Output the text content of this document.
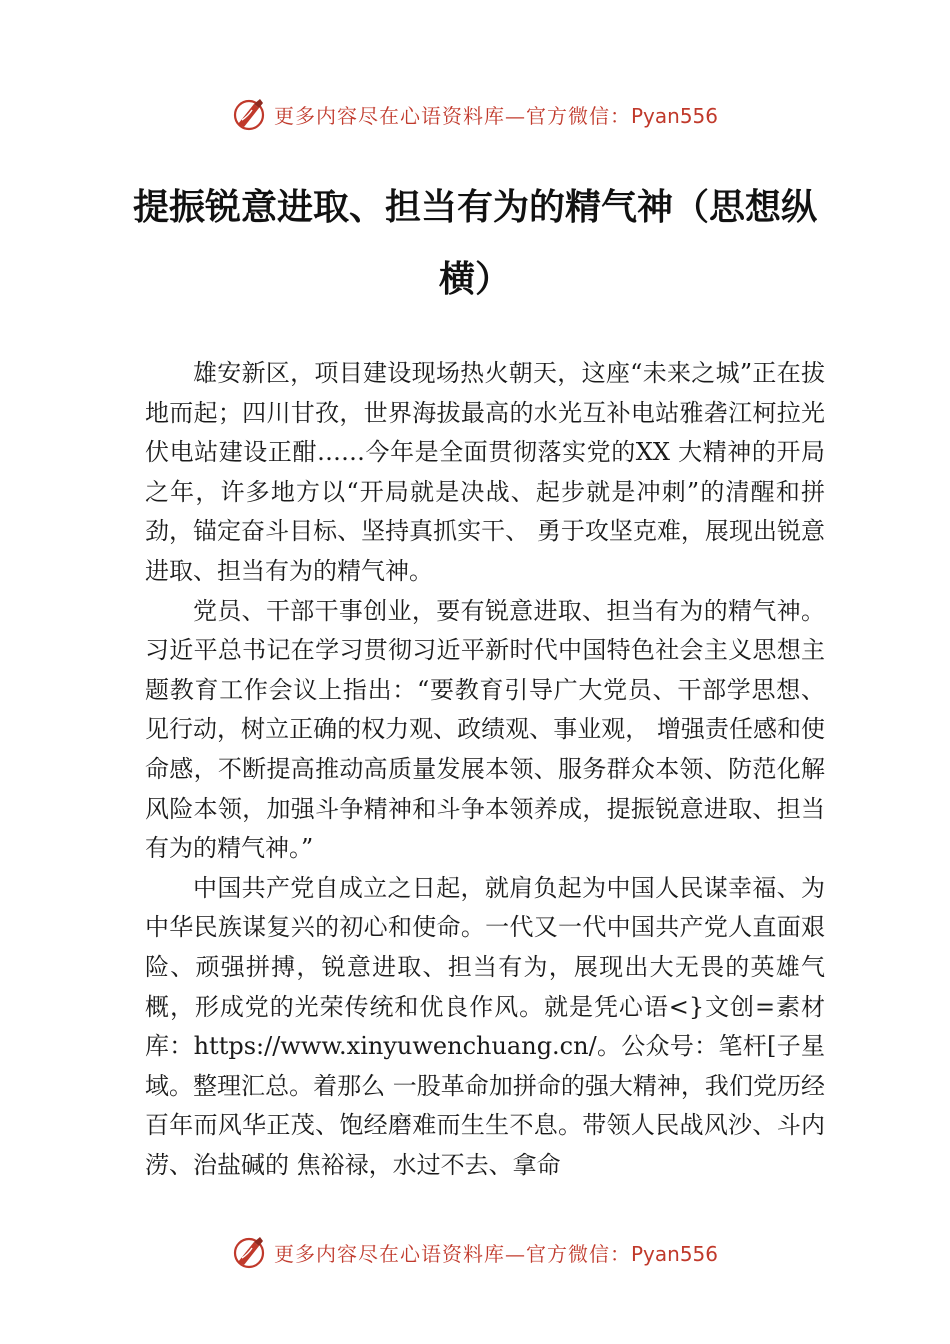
更多内容尽在心语资料库—官方微信：Pyan556
提振锐意进取、担当有为的精气神（思想纵横）

雄安新区，项目建设现场热火朝天，这座“未来之城”正在拔地而起；四川甘孜，世界海拔最高的水光互补电站雅砻江柯拉光伏电站建设正酣……今年是全面贯彻落实党的XX 大精神的开局之年，许多地方以“开局就是决战、起步就是冲刺”的清醒和拼劲，锚定奋斗目标、坚持真抓实干、 勇于攻坚克难，展现出锐意进取、担当有为的精气神。

党员、干部干事创业，要有锐意进取、担当有为的精气神。习近平总书记在学习贯彻习近平新时代中国特色社会主义思想主题教育工作会议上指出：“要教育引导广大党员、干部学思想、见行动，树立正确的权力观、政绩观、事业观， 增强责任感和使命感，不断提高推动高质量发展本领、服务群众本领、防范化解风险本领，加强斗争精神和斗争本领养成，提振锐意进取、担当有为的精气神。”

中国共产党自成立之日起，就肩负起为中国人民谋幸福、为中华民族谋复兴的初心和使命。一代又一代中国共产党人直面艰险、顽强拼搏，锐意进取、担当有为，展现出大无畏的英雄气概，形成党的光荣传统和优良作风。就是凭心语<}文创=素材库：https://www.xinyuwenchuang.cn/。公众号：笔杆[子星域。整理汇总。着那么 一股革命加拼命的强大精神，我们党历经百年而风华正茂、饱经磨难而生生不息。带领人民战风沙、斗内涝、治盐碱的 焦裕禄，水过不去、拿命

更多内容尽在心语资料库—官方微信：Pyan556
